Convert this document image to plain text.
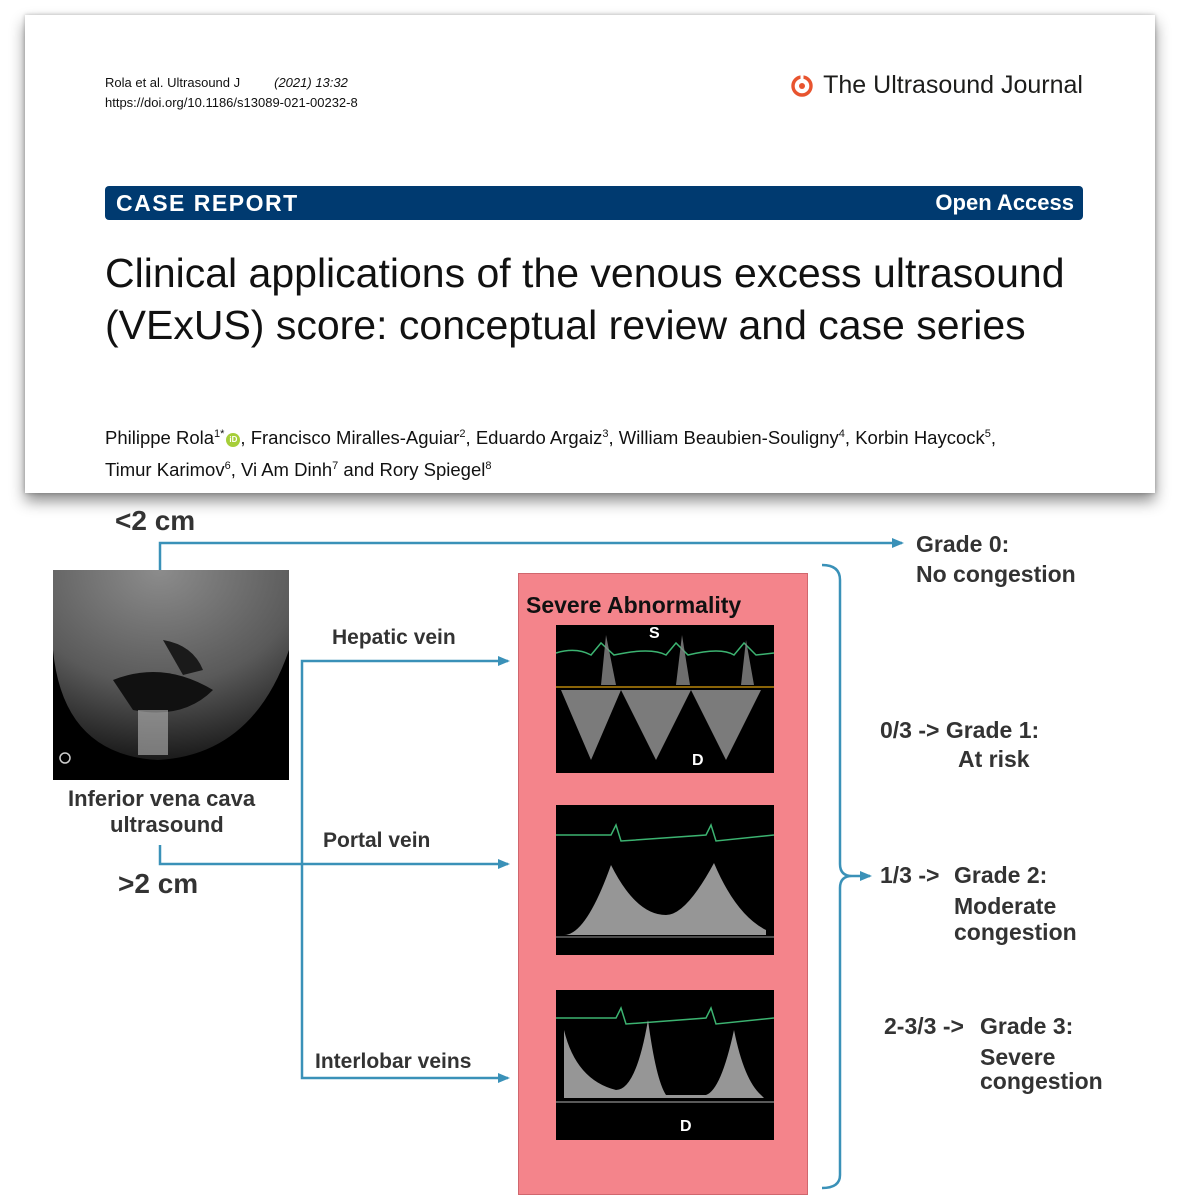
Rola et al. Ultrasound J	(2021) 13:32
https://doi.org/10.1186/s13089-021-00232-8
The Ultrasound Journal
CASE REPORT	Open Access
Clinical applications of the venous excess ultrasound (VExUS) score: conceptual review and case series
Philippe Rola$^{1*}$ iD , Francisco Miralles-Aguiar$^2$, Eduardo Argaiz$^3$, William Beaubien-Souligny$^4$, Korbin Haycock$^5$,
Timur Karimov$^6$, Vi Am Dinh$^7$ and Rory Spiegel$^8$
<2 cm
>2 cm
Inferior vena cava
ultrasound
Hepatic vein
Portal vein
Interlobar veins
Severe Abnormality
S
D
D
Grade 0:
No congestion
0/3 -> Grade 1:
At risk
1/3 -> Grade 2:
Moderate
congestion
2-3/3 -> Grade 3:
Severe
congestion
